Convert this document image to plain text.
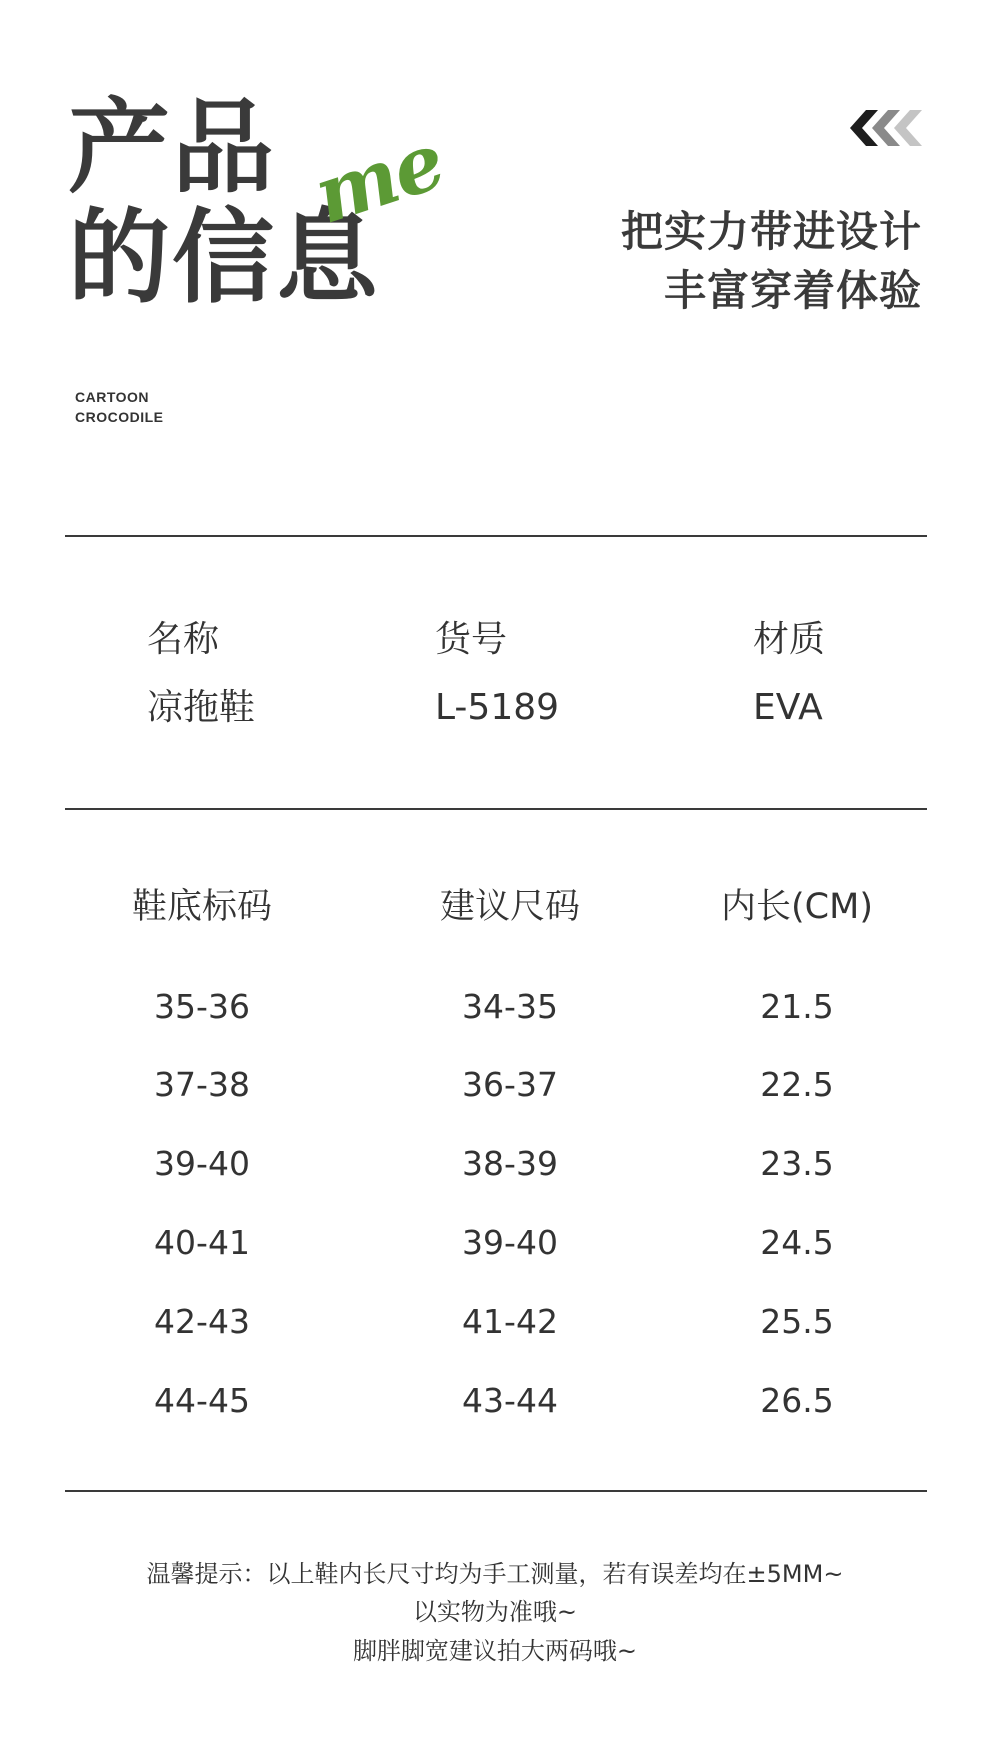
产品
的信息
me	把实力带进设计
丰富穿着体验
CARTOON
CROCODILE
名称	货号	材质
凉拖鞋	L-5189	EVA
鞋底标码	建议尺码	内长(CM)
35-36	34-35	21.5
37-38	36-37	22.5
39-40	38-39	23.5
40-41	39-40	24.5
42-43	41-42	25.5
44-45	43-44	26.5
温馨提示：以上鞋内长尺寸均为手工测量，若有误差均在±5MM~
以实物为准哦~
脚胖脚宽建议拍大两码哦~
